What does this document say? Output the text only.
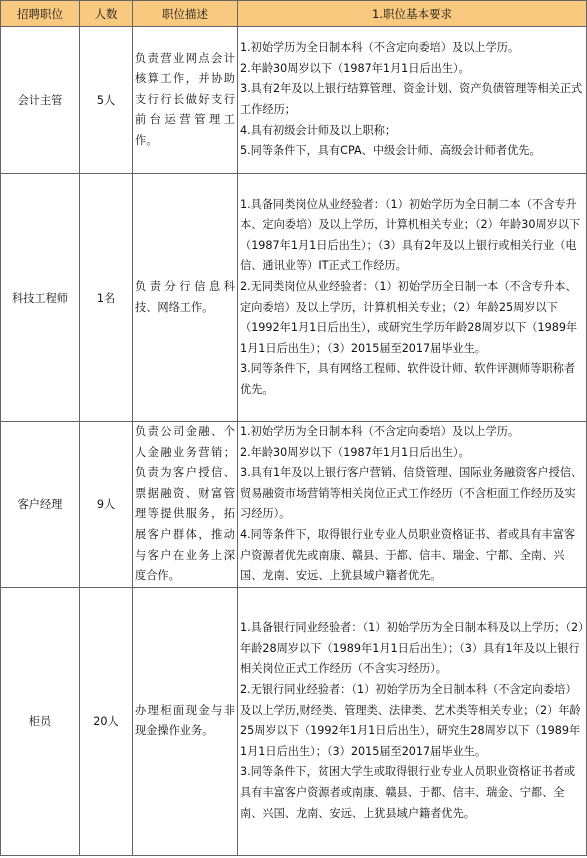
招聘职位	人数	职位描述	1.职位基本要求
会计主管	5人	负责营业网点会计核算工作，并协助支行行长做好支行前台运营管理工作。	1.初始学历为全日制本科（不含定向委培）及以上学历。
2.年龄30周岁以下（1987年1月1日后出生）。
3.具有2年及以上银行结算管理、资金计划、资产负债管理等相关正式工作经历；
4.具有初级会计师及以上职称；
5.同等条件下，具有CPA、中级会计师、高级会计师者优先。

科技工程师	1名	负责分行信息科技、网络工作。	1.具备同类岗位从业经验者：（1）初始学历为全日制二本（不含专升本、定向委培）及以上学历，计算机相关专业；（2）年龄30周岁以下（1987年1月1日后出生）；（3）具有2年及以上银行或相关行业（电信、通讯业等）IT正式工作经历。
2.无同类岗位从业经验者：（1）初始学历全日制一本（不含专升本、定向委培）及以上学历，计算机相关专业；（2）年龄25周岁以下（1992年1月1日后出生），或研究生学历年龄28周岁以下（1989年1月1日后出生）；（3）2015届至2017届毕业生。
3.同等条件下，具有网络工程师、软件设计师、软件评测师等职称者优先。

客户经理	9人	负责公司金融、个人金融业务营销；负责为客户授信、票据融资、财富管理等提供服务，拓展客户群体，推动与客户在业务上深度合作。	1.初始学历为全日制本科（不含定向委培）及以上学历。
2.年龄30周岁以下（1987年1月1日后出生）。
3.具有1年及以上银行客户营销、信贷管理、国际业务融资客户授信、贸易融资市场营销等相关岗位正式工作经历（不含柜面工作经历及实习经历）。
4.同等条件下，取得银行业专业人员职业资格证书、者或具有丰富客户资源者优先或南康、赣县、于都、信丰、瑞金、宁都、全南、兴国、龙南、安远、上犹县域户籍者优先。

柜员	20人	办理柜面现金与非现金操作业务。	1.具备银行同业经验者：（1）初始学历为全日制本科及以上学历；（2）年龄28周岁以下（1989年1月1日后出生）；（3）具有1年及以上银行相关岗位正式工作经历（不含实习经历）。
2.无银行同业经验者：（1）初始学历为全日制本科（不含定向委培）及以上学历,财经类、管理类、法律类、艺术类等相关专业；（2）年龄25周岁以下（1992年1月1日后出生），研究生28周岁以下（1989年1月1日后出生）；（3）2015届至2017届毕业生。
3.同等条件下，贫困大学生或取得银行业专业人员职业资格证书者或具有丰富客户资源者或南康、赣县、于都、信丰、瑞金、宁都、全南、兴国、龙南、安远、上犹县域户籍者优先。
